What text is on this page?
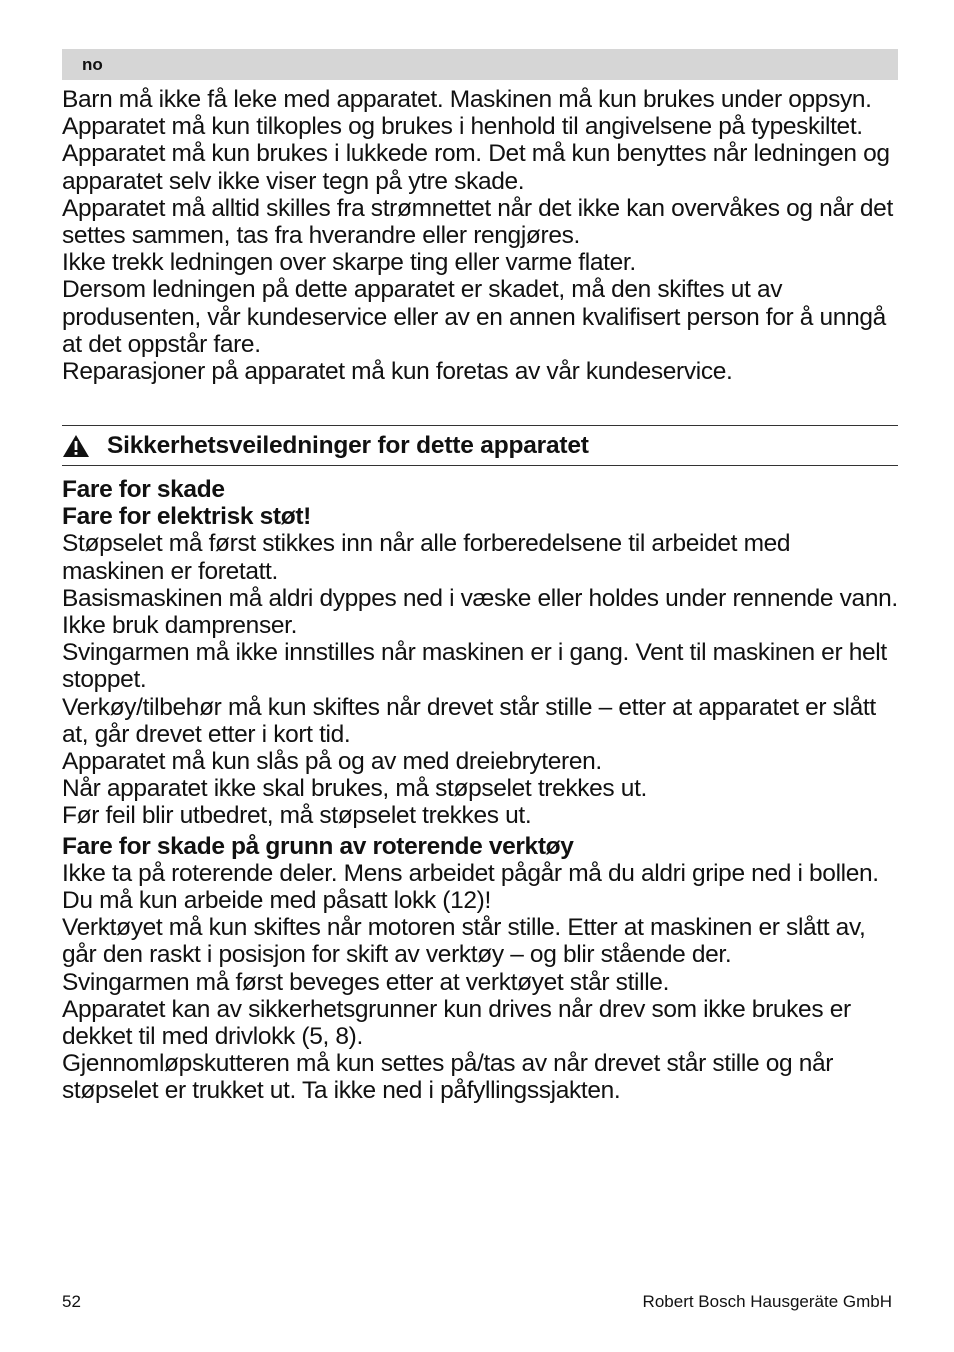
no

Barn må ikke få leke med apparatet. Maskinen må kun brukes under oppsyn.

Apparatet må kun tilkoples og brukes i henhold til angivelsene på typeskiltet. Apparatet må kun brukes i lukkede rom. Det må kun benyttes når ledningen og apparatet selv ikke viser tegn på ytre skade.

Apparatet må alltid skilles fra strømnettet når det ikke kan overvåkes og når det settes sammen, tas fra hverandre eller rengjøres.

Ikke trekk ledningen over skarpe ting eller varme flater.

Dersom ledningen på dette apparatet er skadet, må den skiftes ut av produsenten, vår kundeservice eller av en annen kvalifisert person for å unngå at det oppstår fare.

Reparasjoner på apparatet må kun foretas av vår kundeservice.

Sikkerhetsveiledninger for dette apparatet

Fare for skade

Fare for elektrisk støt!

Støpselet må først stikkes inn når alle forberedelsene til arbeidet med maskinen er foretatt.

Basismaskinen må aldri dyppes ned i væske eller holdes under rennende vann.

Ikke bruk damprenser.

Svingarmen må ikke innstilles når maskinen er i gang. Vent til maskinen er helt stoppet.

Verkøy/tilbehør må kun skiftes når drevet står stille – etter at apparatet er slått at, går drevet etter i kort tid.

Apparatet må kun slås på og av med dreiebryteren.

Når apparatet ikke skal brukes, må støpselet trekkes ut.

Før feil blir utbedret, må støpselet trekkes ut.

Fare for skade på grunn av roterende verktøy

Ikke ta på roterende deler. Mens arbeidet pågår må du aldri gripe ned i bollen. Du må kun arbeide med påsatt lokk (12)!

Verktøyet må kun skiftes når motoren står stille. Etter at maskinen er slått av, går den raskt i posisjon for skift av verktøy – og blir stående der.

Svingarmen må først beveges etter at verktøyet står stille.

Apparatet kan av sikkerhetsgrunner kun drives når drev som ikke brukes er dekket til med drivlokk (5, 8).

Gjennomløpskutteren må kun settes på/tas av når drevet står stille og når støpselet er trukket ut. Ta ikke ned i påfyllingssjakten.

52	Robert Bosch Hausgeräte GmbH
